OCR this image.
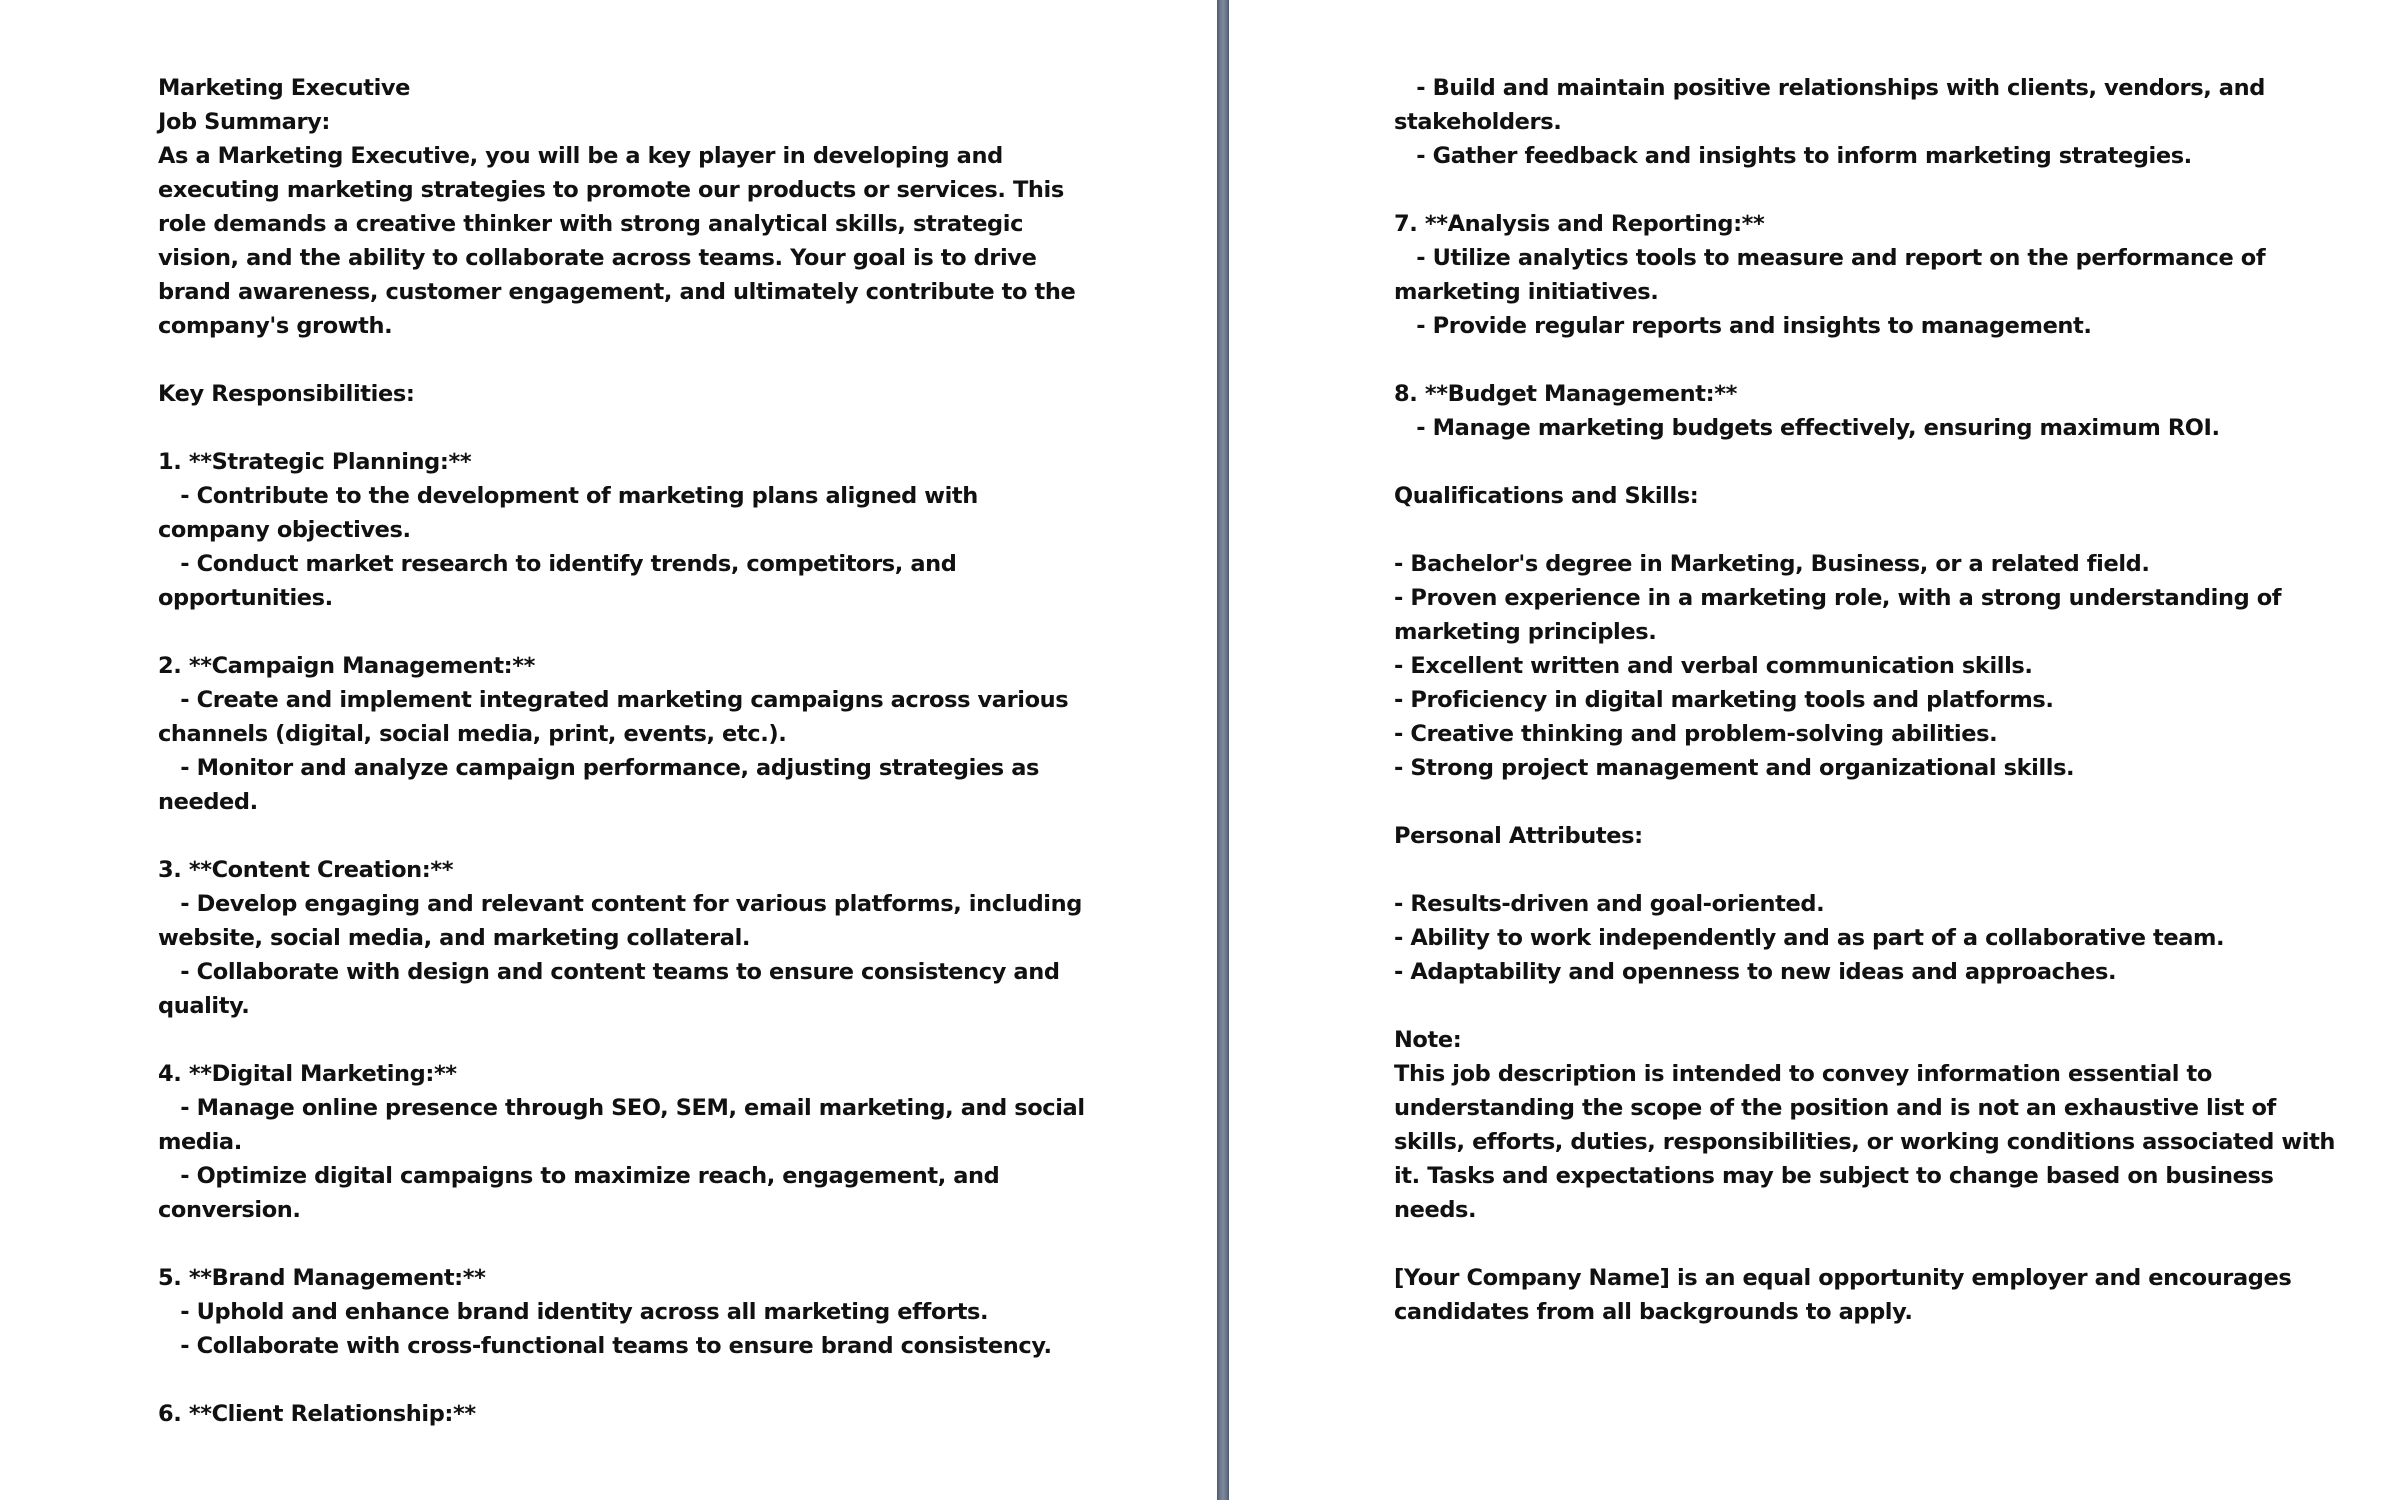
Marketing Executive
Job Summary:
As a Marketing Executive, you will be a key player in developing and
executing marketing strategies to promote our products or services. This
role demands a creative thinker with strong analytical skills, strategic
vision, and the ability to collaborate across teams. Your goal is to drive
brand awareness, customer engagement, and ultimately contribute to the
company's growth.
Key Responsibilities:
1. **Strategic Planning:**
- Contribute to the development of marketing plans aligned with
company objectives.
- Conduct market research to identify trends, competitors, and
opportunities.
2. **Campaign Management:**
- Create and implement integrated marketing campaigns across various
channels (digital, social media, print, events, etc.).
- Monitor and analyze campaign performance, adjusting strategies as
needed.
3. **Content Creation:**
- Develop engaging and relevant content for various platforms, including
website, social media, and marketing collateral.
- Collaborate with design and content teams to ensure consistency and
quality.
4. **Digital Marketing:**
- Manage online presence through SEO, SEM, email marketing, and social
media.
- Optimize digital campaigns to maximize reach, engagement, and
conversion.
5. **Brand Management:**
- Uphold and enhance brand identity across all marketing efforts.
- Collaborate with cross-functional teams to ensure brand consistency.
6. **Client Relationship:**
- Build and maintain positive relationships with clients, vendors, and
stakeholders.
- Gather feedback and insights to inform marketing strategies.
7. **Analysis and Reporting:**
- Utilize analytics tools to measure and report on the performance of
marketing initiatives.
- Provide regular reports and insights to management.
8. **Budget Management:**
- Manage marketing budgets effectively, ensuring maximum ROI.
Qualifications and Skills:
- Bachelor's degree in Marketing, Business, or a related field.
- Proven experience in a marketing role, with a strong understanding of
marketing principles.
- Excellent written and verbal communication skills.
- Proficiency in digital marketing tools and platforms.
- Creative thinking and problem-solving abilities.
- Strong project management and organizational skills.
Personal Attributes:
- Results-driven and goal-oriented.
- Ability to work independently and as part of a collaborative team.
- Adaptability and openness to new ideas and approaches.
Note:
This job description is intended to convey information essential to
understanding the scope of the position and is not an exhaustive list of
skills, efforts, duties, responsibilities, or working conditions associated with
it. Tasks and expectations may be subject to change based on business
needs.
[Your Company Name] is an equal opportunity employer and encourages
candidates from all backgrounds to apply.
